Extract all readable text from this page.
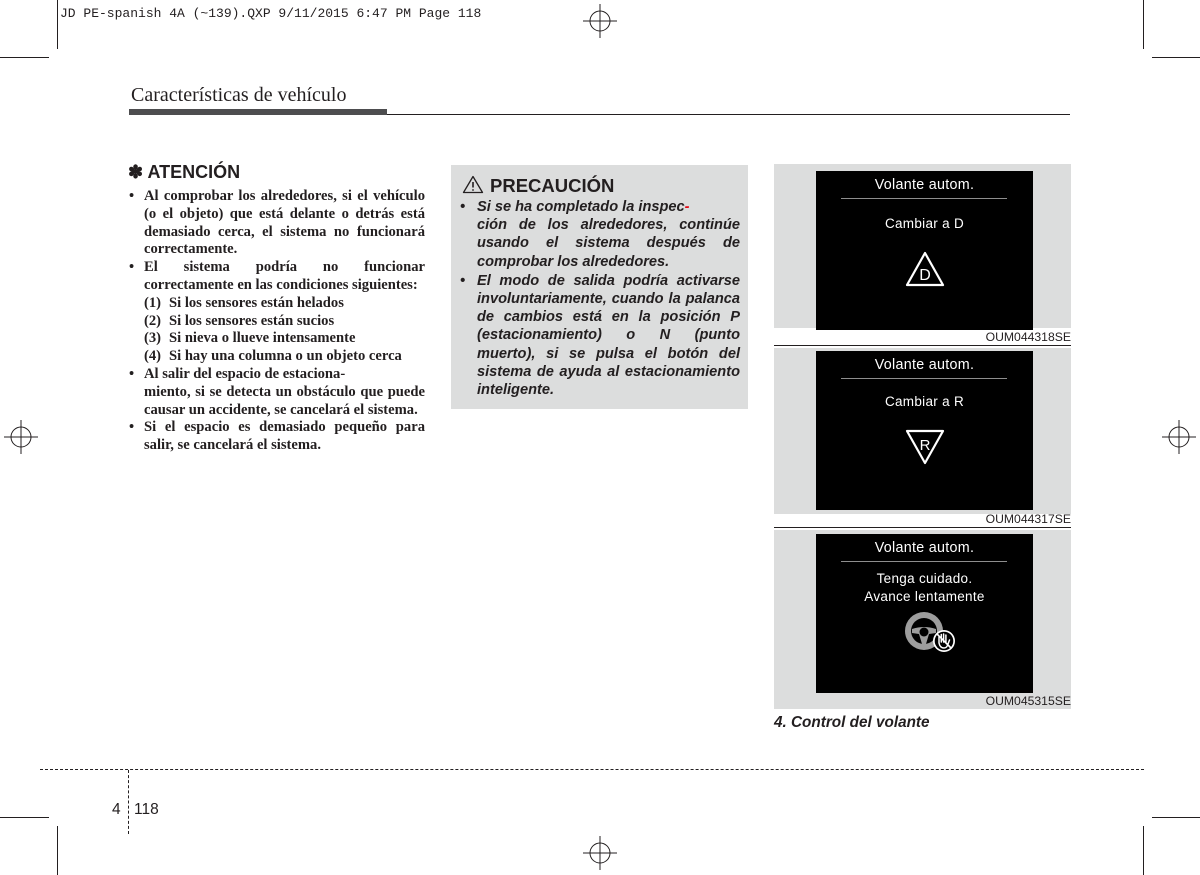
JD PE-spanish 4A (~139).QXP 9/11/2015 6:47 PM Page 118
Características de vehículo
✽ ATENCIÓN
• Al comprobar los alrededores, si el vehículo (o el objeto) que está delante o detrás está demasiado cerca, el sistema no funcionará correctamente.
• El sistema podría no funcionar correctamente en las condiciones siguientes:
(1) Si los sensores están helados
(2) Si los sensores están sucios
(3) Si nieva o llueve intensamente
(4) Si hay una columna o un objeto cerca
• Al salir del espacio de estaciona-
miento, si se detecta un obstáculo que puede causar un accidente, se cancelará el sistema.
• Si el espacio es demasiado pequeño para salir, se cancelará el sistema.
PRECAUCIÓN
• Si se ha completado la inspec-
ción de los alrededores, continúe usando el sistema después de comprobar los alrededores.
• El modo de salida podría activarse involuntariamente, cuando la palanca de cambios está en la posición P (estacionamiento) o N (punto muerto), si se pulsa el botón del sistema de ayuda al estacionamiento inteligente.
Volante autom.
Cambiar a D
D
OUM044318SE
Volante autom.
Cambiar a R
R
OUM044317SE
Volante autom.
Tenga cuidado.
Avance lentamente
OUM045315SE
4. Control del volante
4 118
